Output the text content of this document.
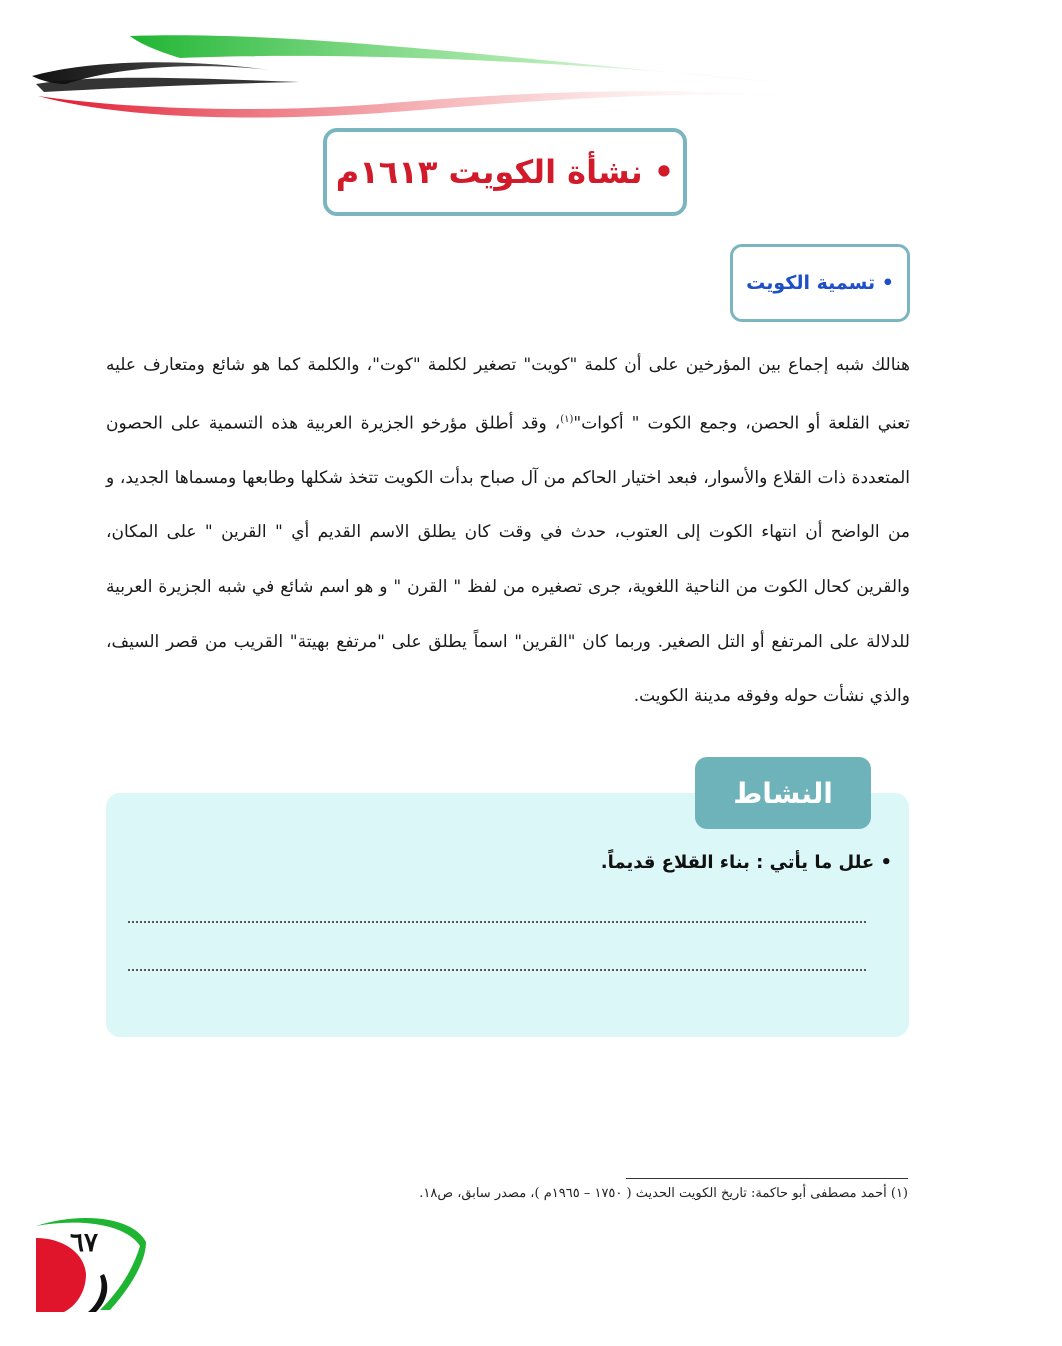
• نشأة الكويت ١٦١٣م
• تسمية الكويت

هنالك شبه إجماع بين المؤرخين على أن كلمة "كويت" تصغير لكلمة "كوت"، والكلمة كما هو شائع ومتعارف عليه تعني القلعة أو الحصن، وجمع الكوت " أكوات"$^{(١)}$، وقد أطلق مؤرخو الجزيرة العربية هذه التسمية على الحصون المتعددة ذات القلاع والأسوار، فبعد اختيار الحاكم من آل صباح بدأت الكويت تتخذ شكلها وطابعها ومسماها الجديد، و من الواضح أن انتهاء الكوت إلى العتوب، حدث في وقت كان يطلق الاسم القديم أي " القرين " على المكان، والقرين كحال الكوت من الناحية اللغوية، جرى تصغيره من لفظ " القرن " و هو اسم شائع في شبه الجزيرة العربية للدلالة على المرتفع أو التل الصغير. وربما كان "القرين" اسماً يطلق على "مرتفع بهيتة" القريب من قصر السيف، والذي نشأت حوله وفوقه مدينة الكويت.

النشاط
• علل ما يأتي : بناء القلاع قديماً.
(١) أحمد مصطفى أبو حاكمة: تاريخ الكويت الحديث ( ١٧٥٠ – ١٩٦٥م )، مصدر سابق، ص١٨.
٦٧
